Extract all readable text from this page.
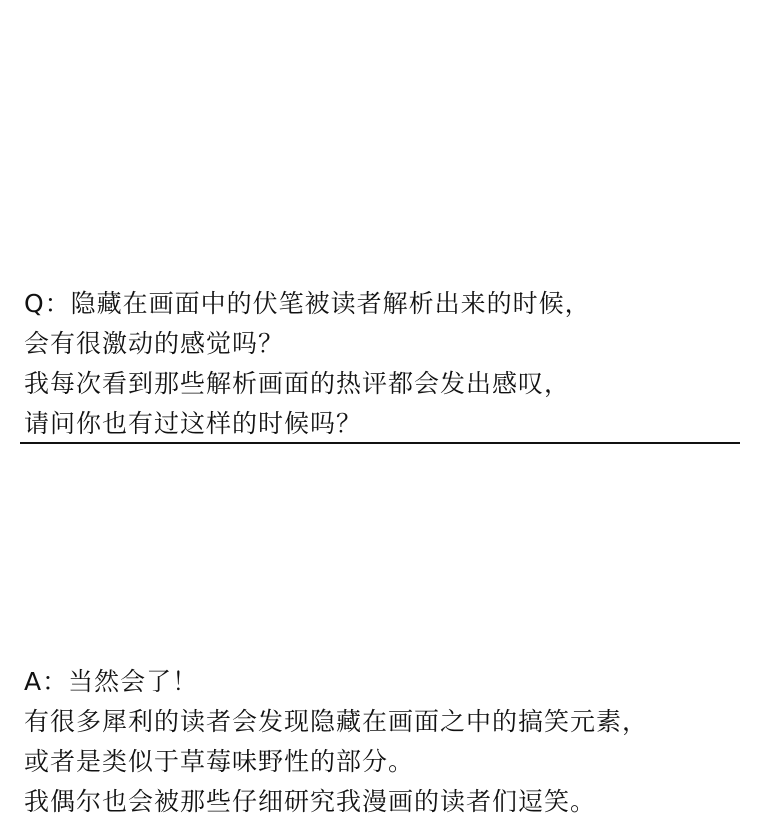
Q：隐藏在画面中的伏笔被读者解析出来的时候，
会有很激动的感觉吗？
我每次看到那些解析画面的热评都会发出感叹，
请问你也有过这样的时候吗？
A：当然会了！
有很多犀利的读者会发现隐藏在画面之中的搞笑元素，
或者是类似于草莓味野性的部分。
我偶尔也会被那些仔细研究我漫画的读者们逗笑。
